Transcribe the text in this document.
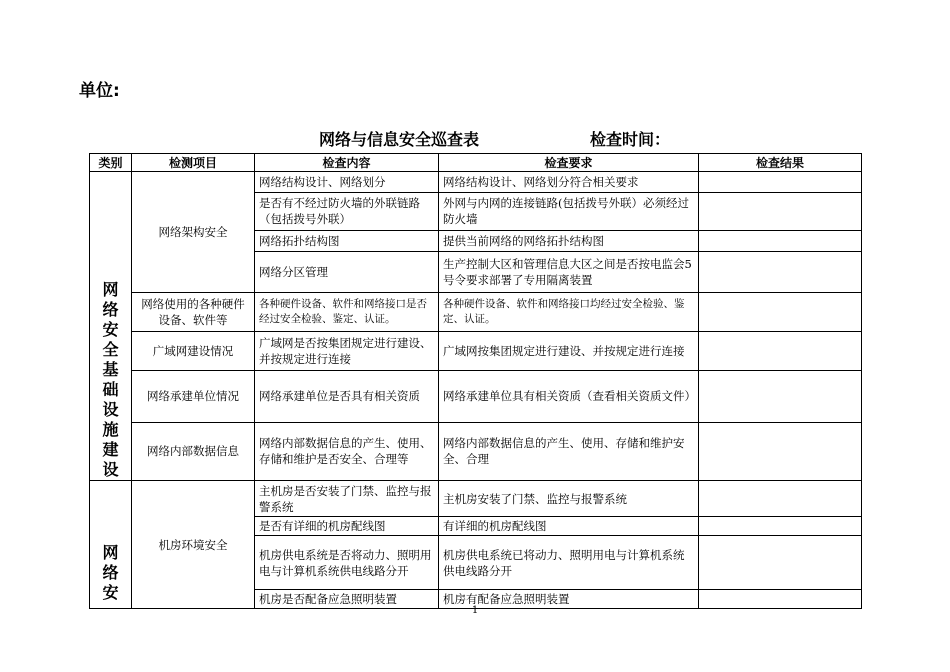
单位:
网络与信息安全巡查表	检查时间：
类别	检测项目	检查内容	检查要求	检查结果

网络安全基础设施建设	网络架构安全	网络结构设计、网络划分	网络结构设计、网络划分符合相关要求	
		是否有不经过防火墙的外联链路（包括拨号外联）	外网与内网的连接链路(包括拨号外联）必须经过防火墙	
		网络拓扑结构图	提供当前网络的网络拓扑结构图	
		网络分区管理	生产控制大区和管理信息大区之间是否按电监会5号令要求部署了专用隔离装置	
	网络使用的各种硬件设备、软件等	各种硬件设备、软件和网络接口是否经过安全检验、鉴定、认证。	各种硬件设备、软件和网络接口均经过安全检验、鉴定、认证。	
	广域网建设情况	广域网是否按集团规定进行建设、并按规定进行连接	广域网按集团规定进行建设、并按规定进行连接	
	网络承建单位情况	网络承建单位是否具有相关资质	网络承建单位具有相关资质（查看相关资质文件）	
	网络内部数据信息	网络内部数据信息的产生、使用、存储和维护是否安全、合理等	网络内部数据信息的产生、使用、存储和维护安全、合理	

网络安	机房环境安全	主机房是否安装了门禁、监控与报警系统	主机房安装了门禁、监控与报警系统	
		是否有详细的机房配线图	有详细的机房配线图	
		机房供电系统是否将动力、照明用电与计算机系统供电线路分开	机房供电系统已将动力、照明用电与计算机系统供电线路分开	
		机房是否配备应急照明装置	机房有配备应急照明装置	
1
